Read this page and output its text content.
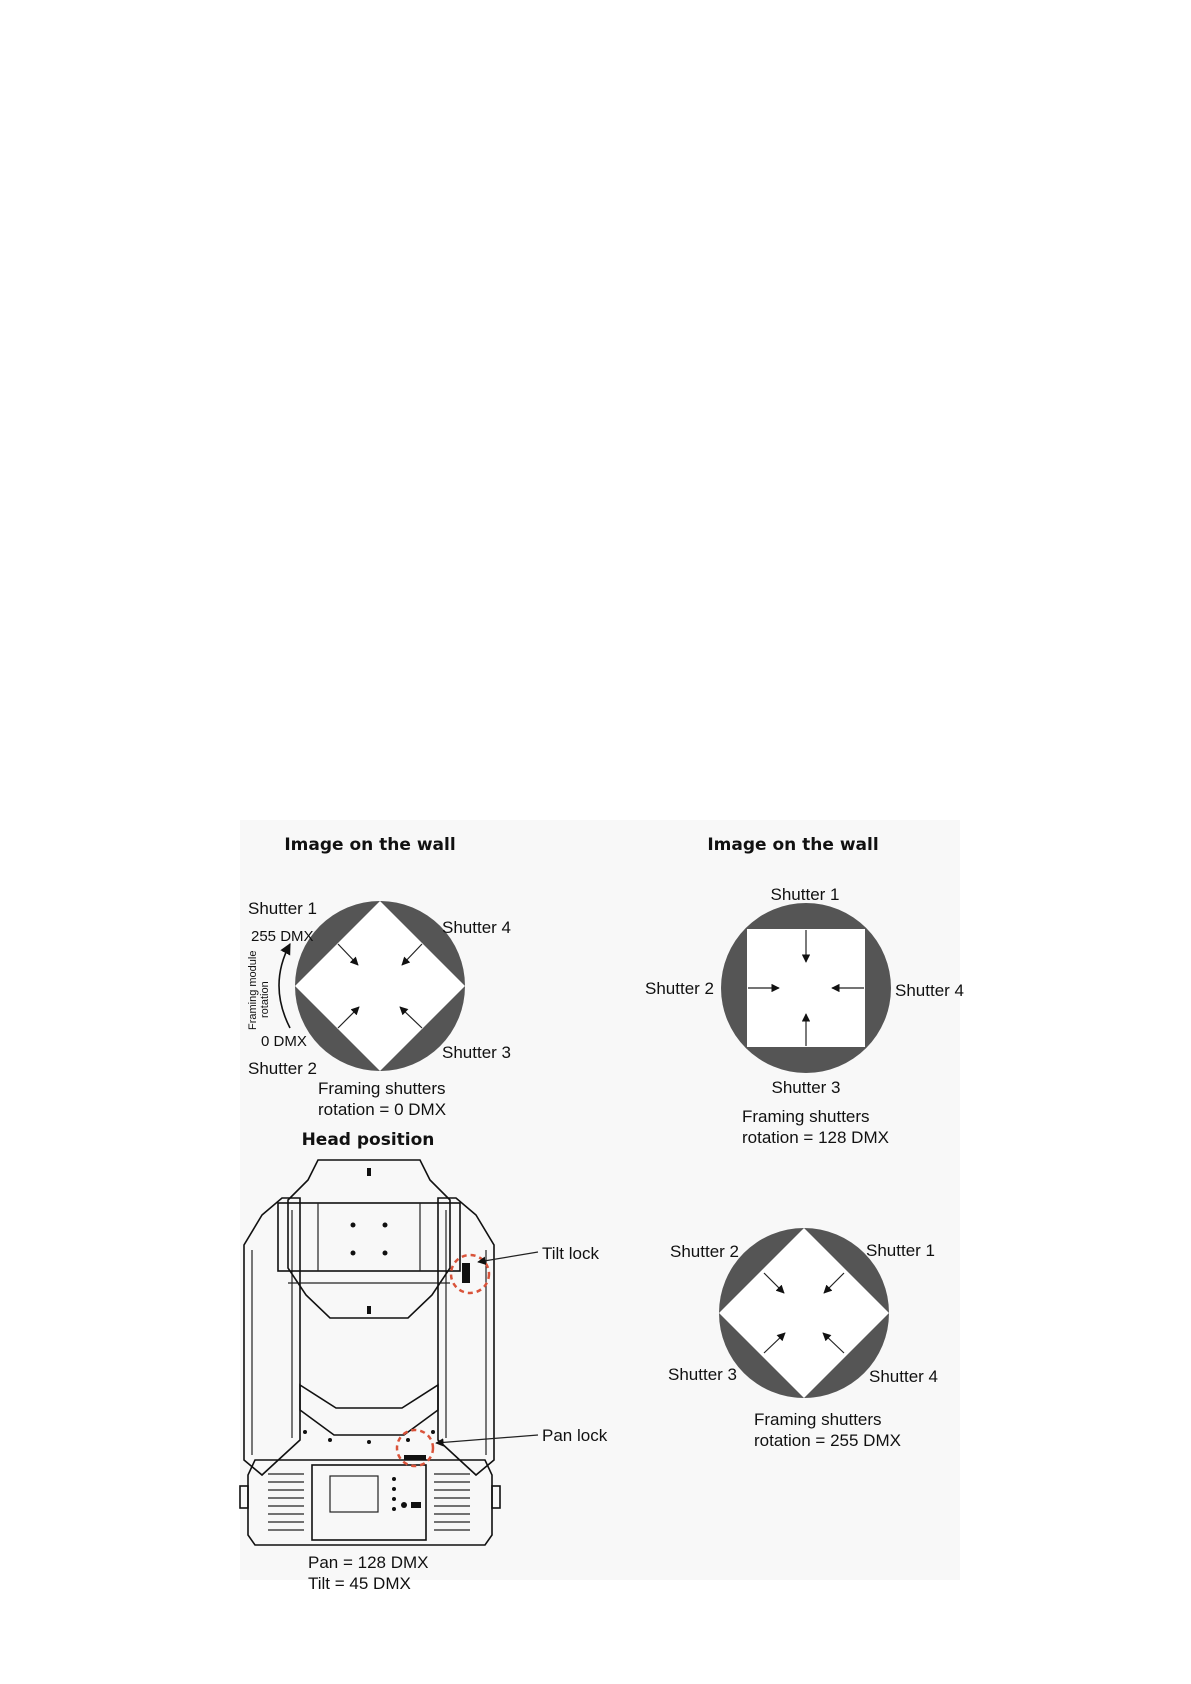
Image on the wall
Shutter 1
Shutter 4
Shutter 3
Shutter 2
255 DMX
0 DMX
Framing module rotation
Framing shutters
rotation = 0 DMX
Image on the wall
Shutter 1
Shutter 2	Shutter 4
Shutter 3
Framing shutters
rotation = 128 DMX
Shutter 2	Shutter 1
Shutter 3	Shutter 4
Framing shutters
rotation = 255 DMX
Head position
Tilt lock
Pan lock
Pan = 128 DMX
Tilt = 45 DMX
